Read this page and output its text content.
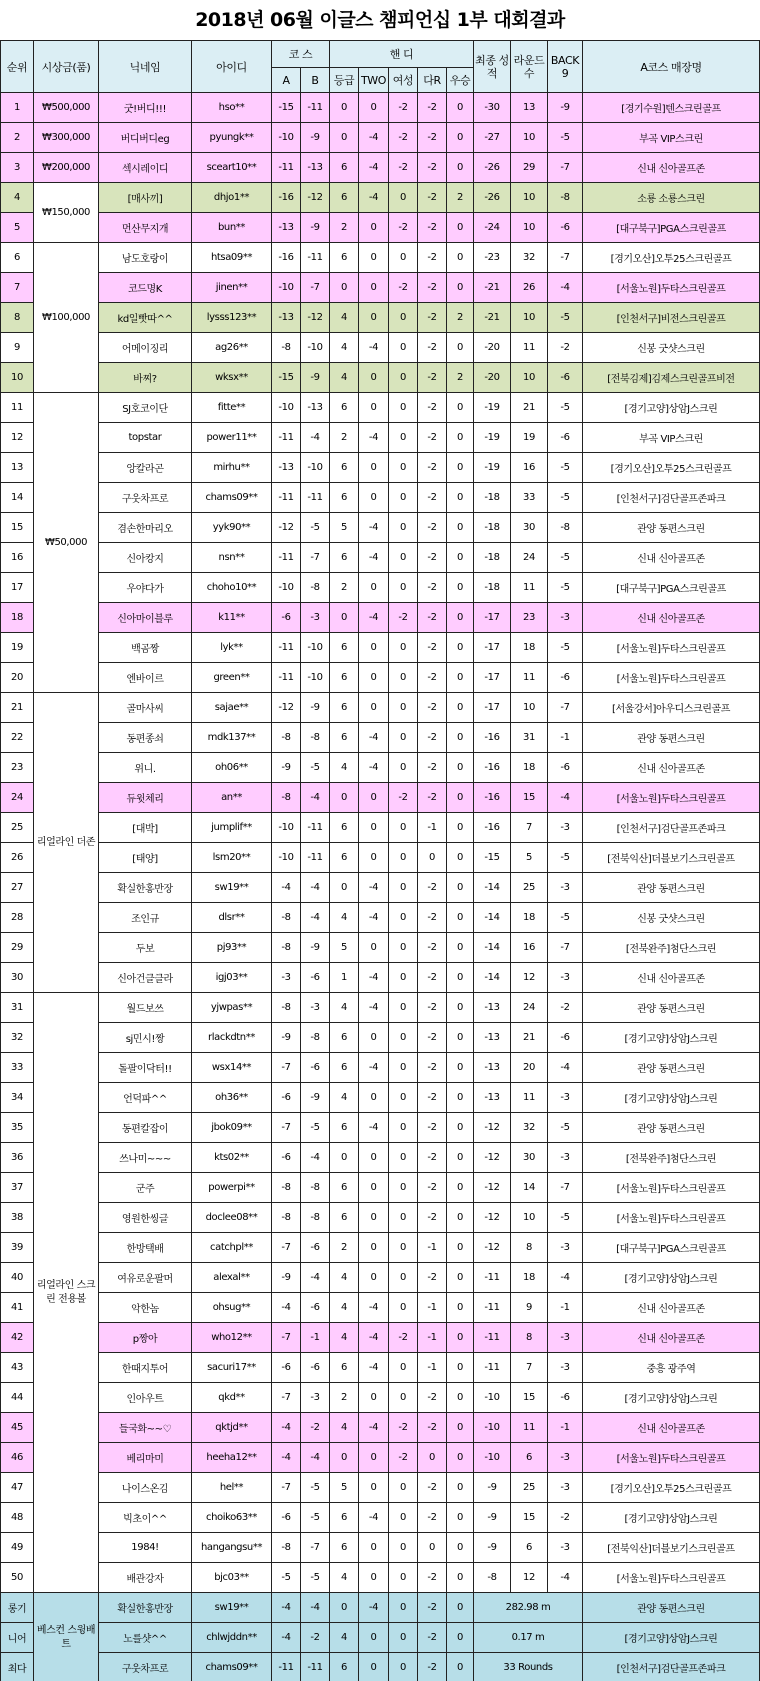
2018년 06월 이글스 챔피언십 1부 대회결과
순위	시상금(품)	닉네임	아이디	코 스		핸 디					최종 성적	라운드 수	BACK 9	A코스 매장명
				A	B	등급	TWO	여성	다R	우승				
1	₩500,000	굿!버디!!!	hso**	-15	-11	0	0	-2	-2	0	-30	13	-9	[경기수원]텐스크린골프
2	₩300,000	버디버디eg	pyungk**	-10	-9	0	-4	-2	-2	0	-27	10	-5	부곡 VIP스크린
3	₩200,000	섹시레이디	sceart10**	-11	-13	6	-4	-2	-2	0	-26	29	-7	신내 신아골프존
4	₩150,000	[매사끼]	dhjo1**	-16	-12	6	-4	0	-2	2	-26	10	-8	소룡 소룡스크린
5		먼산무지개	bun**	-13	-9	2	0	-2	-2	0	-24	10	-6	[대구북구]PGA스크린골프
6	₩100,000	남도호랑이	htsa09**	-16	-11	6	0	0	-2	0	-23	32	-7	[경기오산]오투25스크린골프
7		코드명K	jinen**	-10	-7	0	0	-2	-2	0	-21	26	-4	[서울노원]두타스크린골프
8		kd일빳따^^	lysss123**	-13	-12	4	0	0	-2	2	-21	10	-5	[인천서구]비전스크린골프
9		어메이징리	ag26**	-8	-10	4	-4	0	-2	0	-20	11	-2	신봉 굿샷스크린
10		바찌?	wksx**	-15	-9	4	0	0	-2	2	-20	10	-6	[전북김제]김제스크린골프비전
11	₩50,000	SJ호코이단	fitte**	-10	-13	6	0	0	-2	0	-19	21	-5	[경기고양]상암J스크린
12		topstar	power11**	-11	-4	2	-4	0	-2	0	-19	19	-6	부곡 VIP스크린
13		앙칼라곤	mirhu**	-13	-10	6	0	0	-2	0	-19	16	-5	[경기오산]오투25스크린골프
14		구웃차프로	chams09**	-11	-11	6	0	0	-2	0	-18	33	-5	[인천서구]검단골프존파크
15		겸손한마리오	yyk90**	-12	-5	5	-4	0	-2	0	-18	30	-8	관양 동편스크린
16		신아캉지	nsn**	-11	-7	6	-4	0	-2	0	-18	24	-5	신내 신아골프존
17		우야다가	choho10**	-10	-8	2	0	0	-2	0	-18	11	-5	[대구북구]PGA스크린골프
18		신아마이블루	k11**	-6	-3	0	-4	-2	-2	0	-17	23	-3	신내 신아골프존
19		백곰짱	lyk**	-11	-10	6	0	0	-2	0	-17	18	-5	[서울노원]두타스크린골프
20		엔바이르	green**	-11	-10	6	0	0	-2	0	-17	11	-6	[서울노원]두타스크린골프
21	리얼라인 더존	골마사씨	sajae**	-12	-9	6	0	0	-2	0	-17	10	-7	[서울강서]아우디스크린골프
22		동편종쇠	mdk137**	-8	-8	6	-4	0	-2	0	-16	31	-1	관양 동편스크린
23		위니.	oh06**	-9	-5	4	-4	0	-2	0	-16	18	-6	신내 신아골프존
24		듀윗체리	an**	-8	-4	0	0	-2	-2	0	-16	15	-4	[서울노원]두타스크린골프
25		[대박]	jumplif**	-10	-11	6	0	0	-1	0	-16	7	-3	[인천서구]검단골프존파크
26		[태양]	lsm20**	-10	-11	6	0	0	0	0	-15	5	-5	[전북익산]더블보기스크린골프
27		확실한홍반장	sw19**	-4	-4	0	-4	0	-2	0	-14	25	-3	관양 동편스크린
28		조인규	dlsr**	-8	-4	4	-4	0	-2	0	-14	18	-5	신봉 굿샷스크린
29		두보	pj93**	-8	-9	5	0	0	-2	0	-14	16	-7	[전북완주]첨단스크린
30		신아건클클라	igj03**	-3	-6	1	-4	0	-2	0	-14	12	-3	신내 신아골프존
31	리얼라인 스크린 전용볼	월드보쓰	yjwpas**	-8	-3	4	-4	0	-2	0	-13	24	-2	관양 동편스크린
32		sj민시!짱	rlackdtn**	-9	-8	6	0	0	-2	0	-13	21	-6	[경기고양]상암J스크린
33		돌팔이닥터!!	wsx14**	-7	-6	6	-4	0	-2	0	-13	20	-4	관양 동편스크린
34		언덕파^^	oh36**	-6	-9	4	0	0	-2	0	-13	11	-3	[경기고양]상암J스크린
35		동편칼잡이	jbok09**	-7	-5	6	-4	0	-2	0	-12	32	-5	관양 동편스크린
36		쓰나미~~~	kts02**	-6	-4	0	0	0	-2	0	-12	30	-3	[전북완주]첨단스크린
37		군주	powerpi**	-8	-8	6	0	0	-2	0	-12	14	-7	[서울노원]두타스크린골프
38		영원한씽글	doclee08**	-8	-8	6	0	0	-2	0	-12	10	-5	[서울노원]두타스크린골프
39		한방택배	catchpl**	-7	-6	2	0	0	-1	0	-12	8	-3	[대구북구]PGA스크린골프
40		여유로운팔머	alexal**	-9	-4	4	0	0	-2	0	-11	18	-4	[경기고양]상암J스크린
41		악한놈	ohsug**	-4	-6	4	-4	0	-1	0	-11	9	-1	신내 신아골프존
42		p짱아	who12**	-7	-1	4	-4	-2	-1	0	-11	8	-3	신내 신아골프존
43		한때지투어	sacuri17**	-6	-6	6	-4	0	-1	0	-11	7	-3	중흥 광주역
44		인아우트	qkd**	-7	-3	2	0	0	-2	0	-10	15	-6	[경기고양]상암J스크린
45		들국화~~♡	qktjd**	-4	-2	4	-4	-2	-2	0	-10	11	-1	신내 신아골프존
46		베리마미	heeha12**	-4	-4	0	0	-2	0	0	-10	6	-3	[서울노원]두타스크린골프
47		나이스온김	hel**	-7	-5	5	0	0	-2	0	-9	25	-3	[경기오산]오투25스크린골프
48		빅초이^^	choiko63**	-6	-5	6	-4	0	-2	0	-9	15	-2	[경기고양]상암J스크린
49		1984!	hangangsu**	-8	-7	6	0	0	0	0	-9	6	-3	[전북익산]더블보기스크린골프
50		배관강자	bjc03**	-5	-5	4	0	0	-2	0	-8	12	-4	[서울노원]두타스크린골프
롱기	베스컨 스윙배트	확실한홍반장	sw19**	-4	-4	0	-4	0	-2	0	282.98 m			관양 동편스크린
니어		노를샷^^	chlwjddn**	-4	-2	4	0	0	-2	0	0.17 m			[경기고양]상암J스크린
최다		구웃차프로	chams09**	-11	-11	6	0	0	-2	0	33 Rounds			[인천서구]검단골프존파크
